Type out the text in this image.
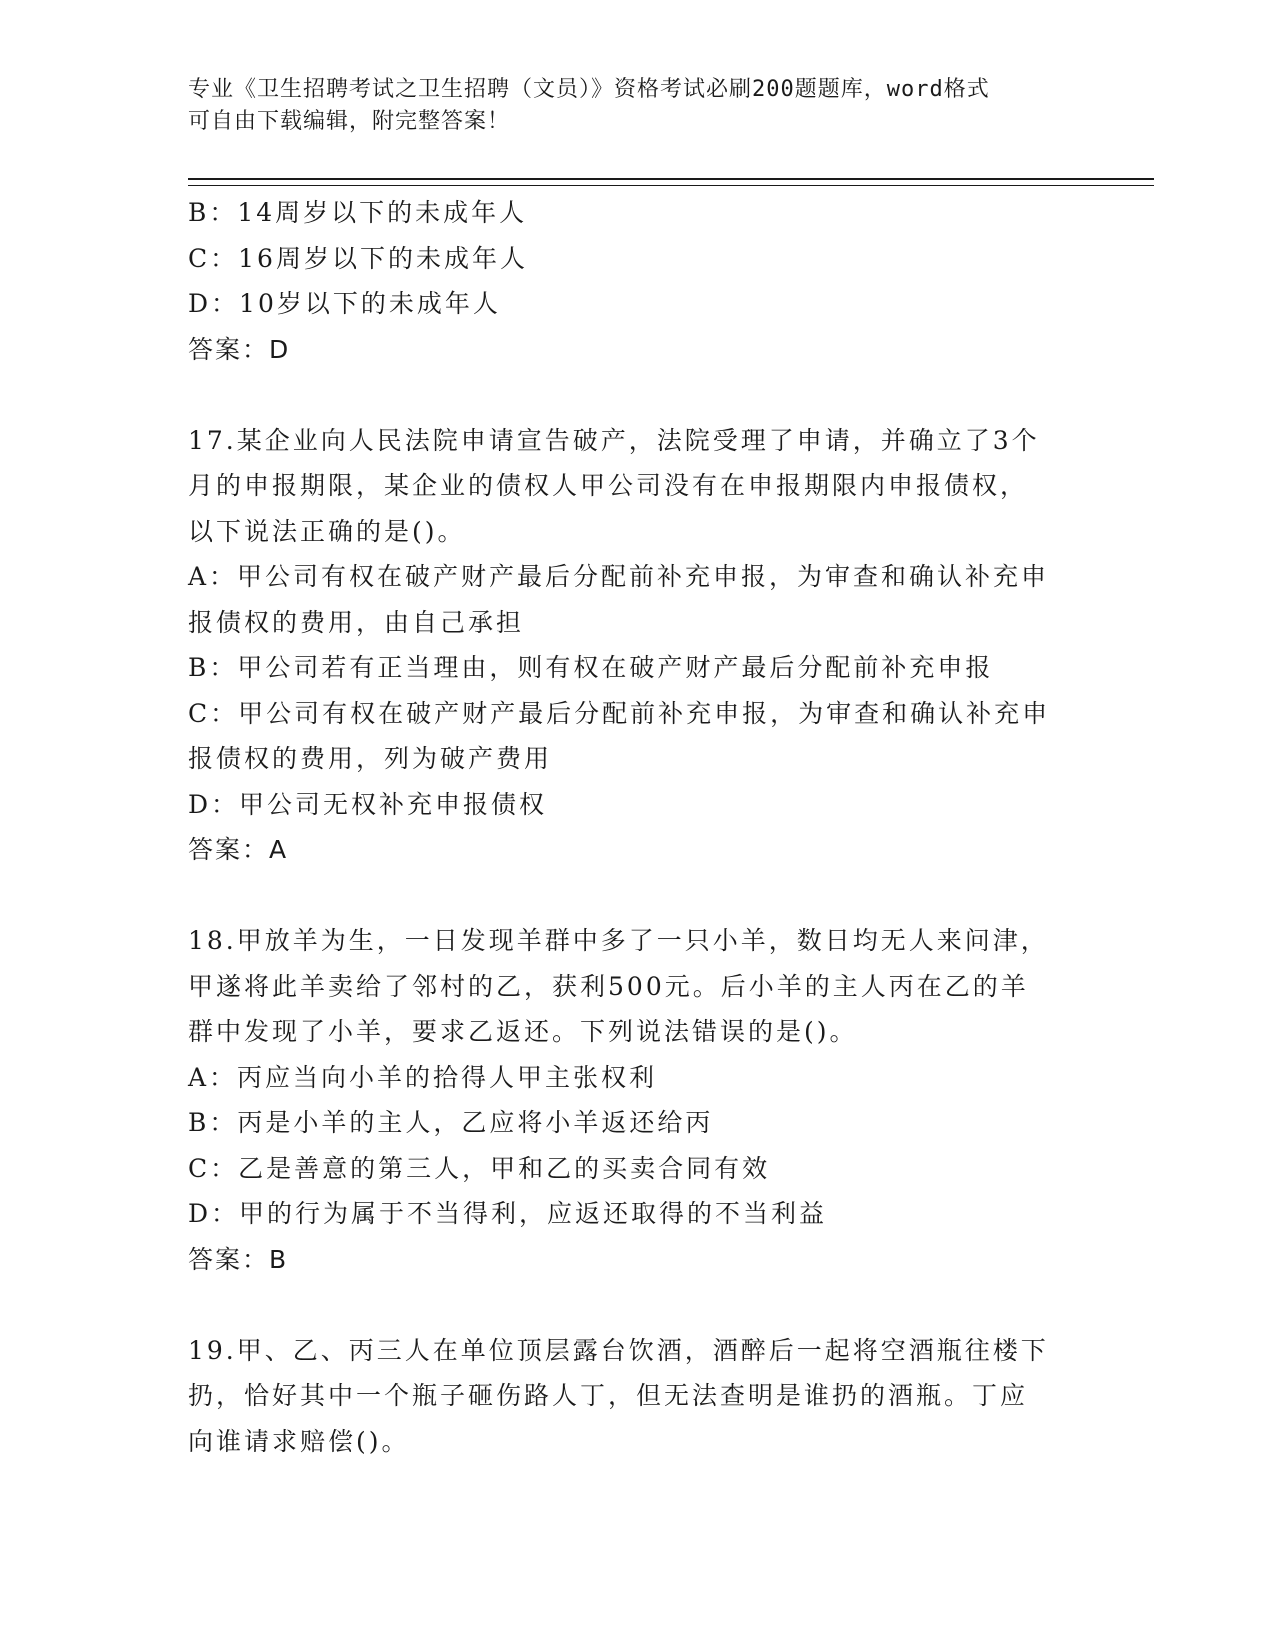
专业《卫生招聘考试之卫生招聘（文员）》资格考试必刷200题题库，word格式
可自由下载编辑，附完整答案！
B：14周岁以下的未成年人
C：16周岁以下的未成年人
D：10岁以下的未成年人
答案：D
17.某企业向人民法院申请宣告破产，法院受理了申请，并确立了3个
月的申报期限，某企业的债权人甲公司没有在申报期限内申报债权，
以下说法正确的是()。
A：甲公司有权在破产财产最后分配前补充申报，为审查和确认补充申
报债权的费用，由自己承担
B：甲公司若有正当理由，则有权在破产财产最后分配前补充申报
C：甲公司有权在破产财产最后分配前补充申报，为审查和确认补充申
报债权的费用，列为破产费用
D：甲公司无权补充申报债权
答案：A
18.甲放羊为生，一日发现羊群中多了一只小羊，数日均无人来问津，
甲遂将此羊卖给了邻村的乙，获利500元。后小羊的主人丙在乙的羊
群中发现了小羊，要求乙返还。下列说法错误的是()。
A：丙应当向小羊的拾得人甲主张权利
B：丙是小羊的主人，乙应将小羊返还给丙
C：乙是善意的第三人，甲和乙的买卖合同有效
D：甲的行为属于不当得利，应返还取得的不当利益
答案：B
19.甲、乙、丙三人在单位顶层露台饮酒，酒醉后一起将空酒瓶往楼下
扔，恰好其中一个瓶子砸伤路人丁，但无法查明是谁扔的酒瓶。丁应
向谁请求赔偿()。
